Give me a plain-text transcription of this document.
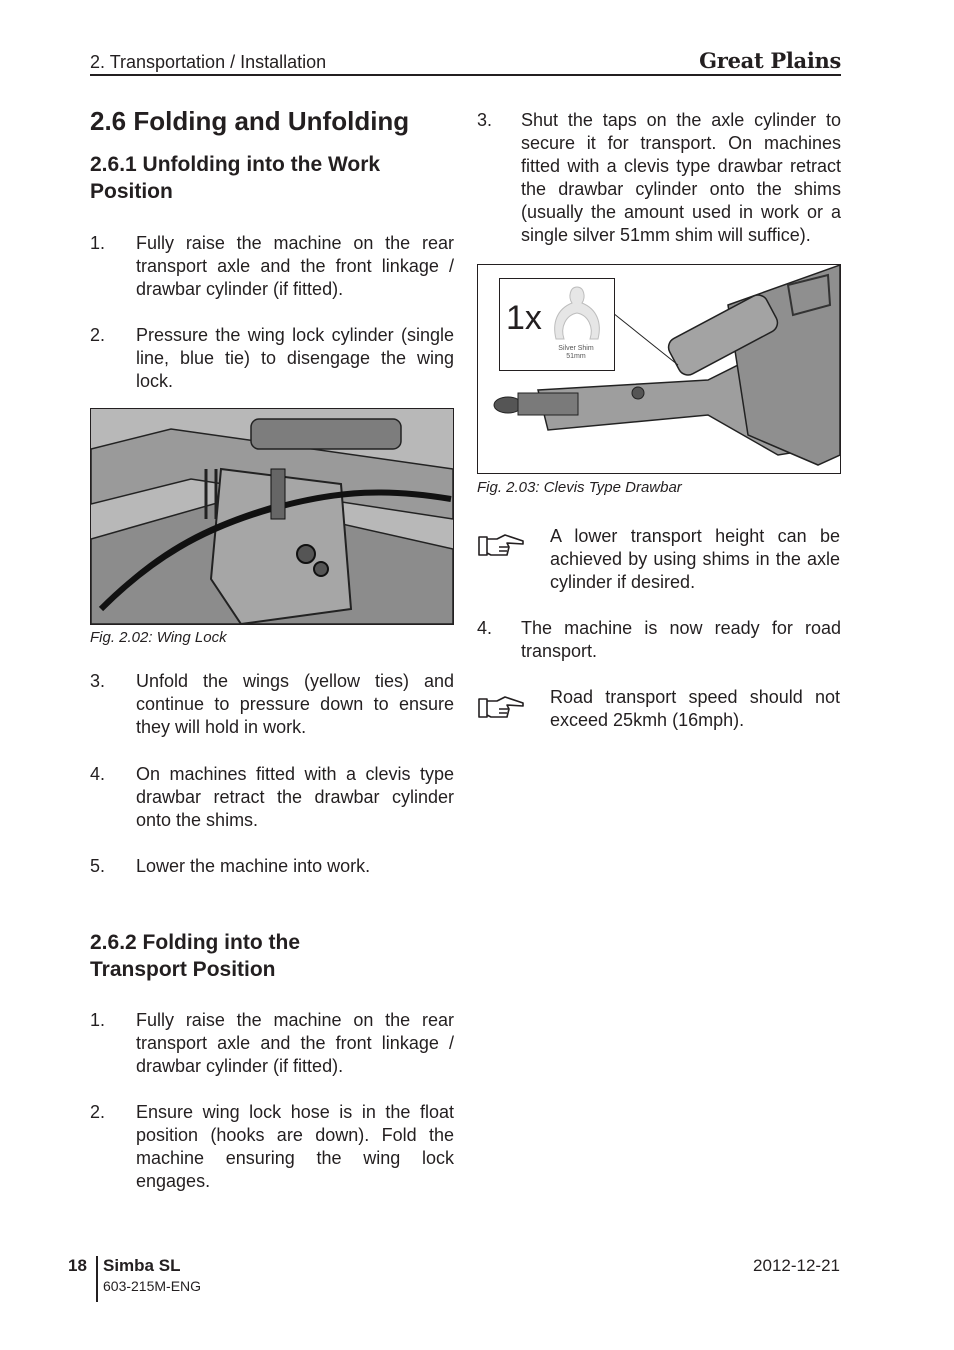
2. Transportation / Installation	Great Plains
2.6 Folding and Unfolding
2.6.1 Unfolding into the Work Position
1. Fully raise the machine on the rear transport axle and the front linkage / drawbar cylinder (if fitted).
2. Pressure the wing lock cylinder (single line, blue tie) to disengage the wing lock.
Fig. 2.02: Wing Lock
3. Unfold the wings (yellow ties) and continue to pressure down to ensure they will hold in work.
4. On machines fitted with a clevis type drawbar retract the drawbar cylinder onto the shims.
5. Lower the machine into work.
2.6.2 Folding into the Transport Position
1. Fully raise the machine on the rear transport axle and the front linkage / drawbar cylinder (if fitted).
2. Ensure wing lock hose is in the float position (hooks are down). Fold the machine ensuring the wing lock engages.
3. Shut the taps on the axle cylinder to secure it for transport. On machines fitted with a clevis type drawbar retract the drawbar cylinder onto the shims (usually the amount used in work or a single silver 51mm shim will suffice).
1x
Silver Shim
51mm
Fig. 2.03: Clevis Type Drawbar
A lower transport height can be achieved by using shims in the axle cylinder if desired.
4. The machine is now ready for road transport.
Road transport speed should not exceed 25kmh (16mph).
18 Simba SL
603-215M-ENG
2012-12-21
